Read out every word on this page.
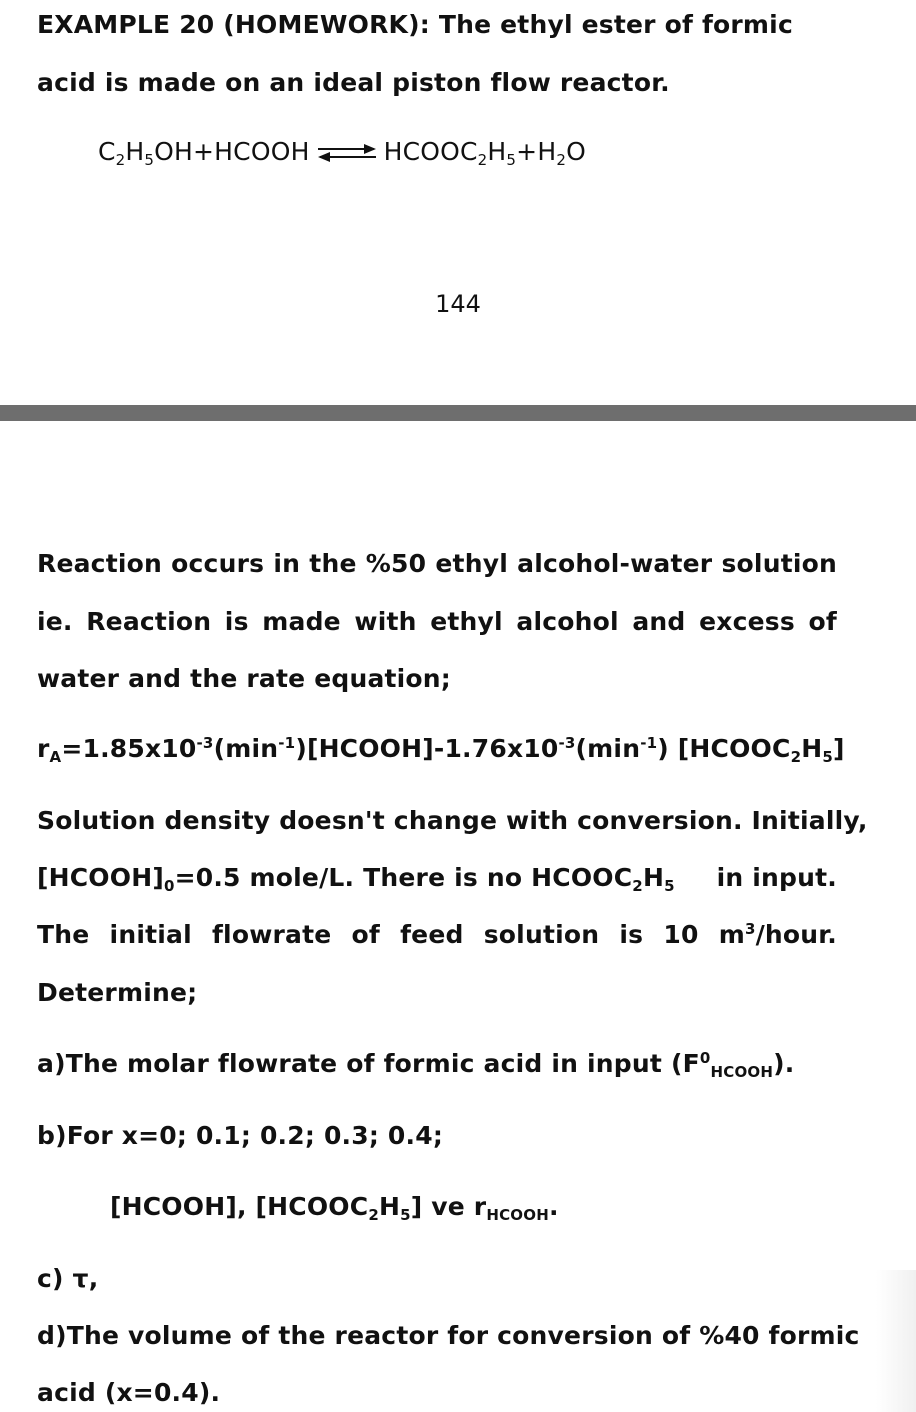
EXAMPLE 20 (HOMEWORK): The ethyl ester of formic
acid is made on an ideal piston flow reactor.
$C_2H_5OH+HCOOH$ ⇌ $HCOOC_2H_5+H_2O$
144
Reaction occurs in the %50 ethyl alcohol-water solution
ie. Reaction is made with ethyl alcohol and excess of
water and the rate equation;
$r_A=1.85x10^{-3}(\min^{-1})[HCOOH]-1.76x10^{-3}(\min^{-1})$ $[HCOOC_2H_5]$
Solution density doesn't change with conversion. Initially,
$[HCOOH]_0=0.5$ mole/L. There is no $HCOOC_2H_5$ in input.
The initial flowrate of feed solution is 10 $m^3$/hour.
Determine;
a)The molar flowrate of formic acid in input $(F^0_{HCOOH})$.
b)For x=0; 0.1; 0.2; 0.3; 0.4;
[HCOOH], $[HCOOC_2H_5]$ ve $r_{HCOOH}$.
c) τ,
d)The volume of the reactor for conversion of %40 formic
acid (x=0.4).
